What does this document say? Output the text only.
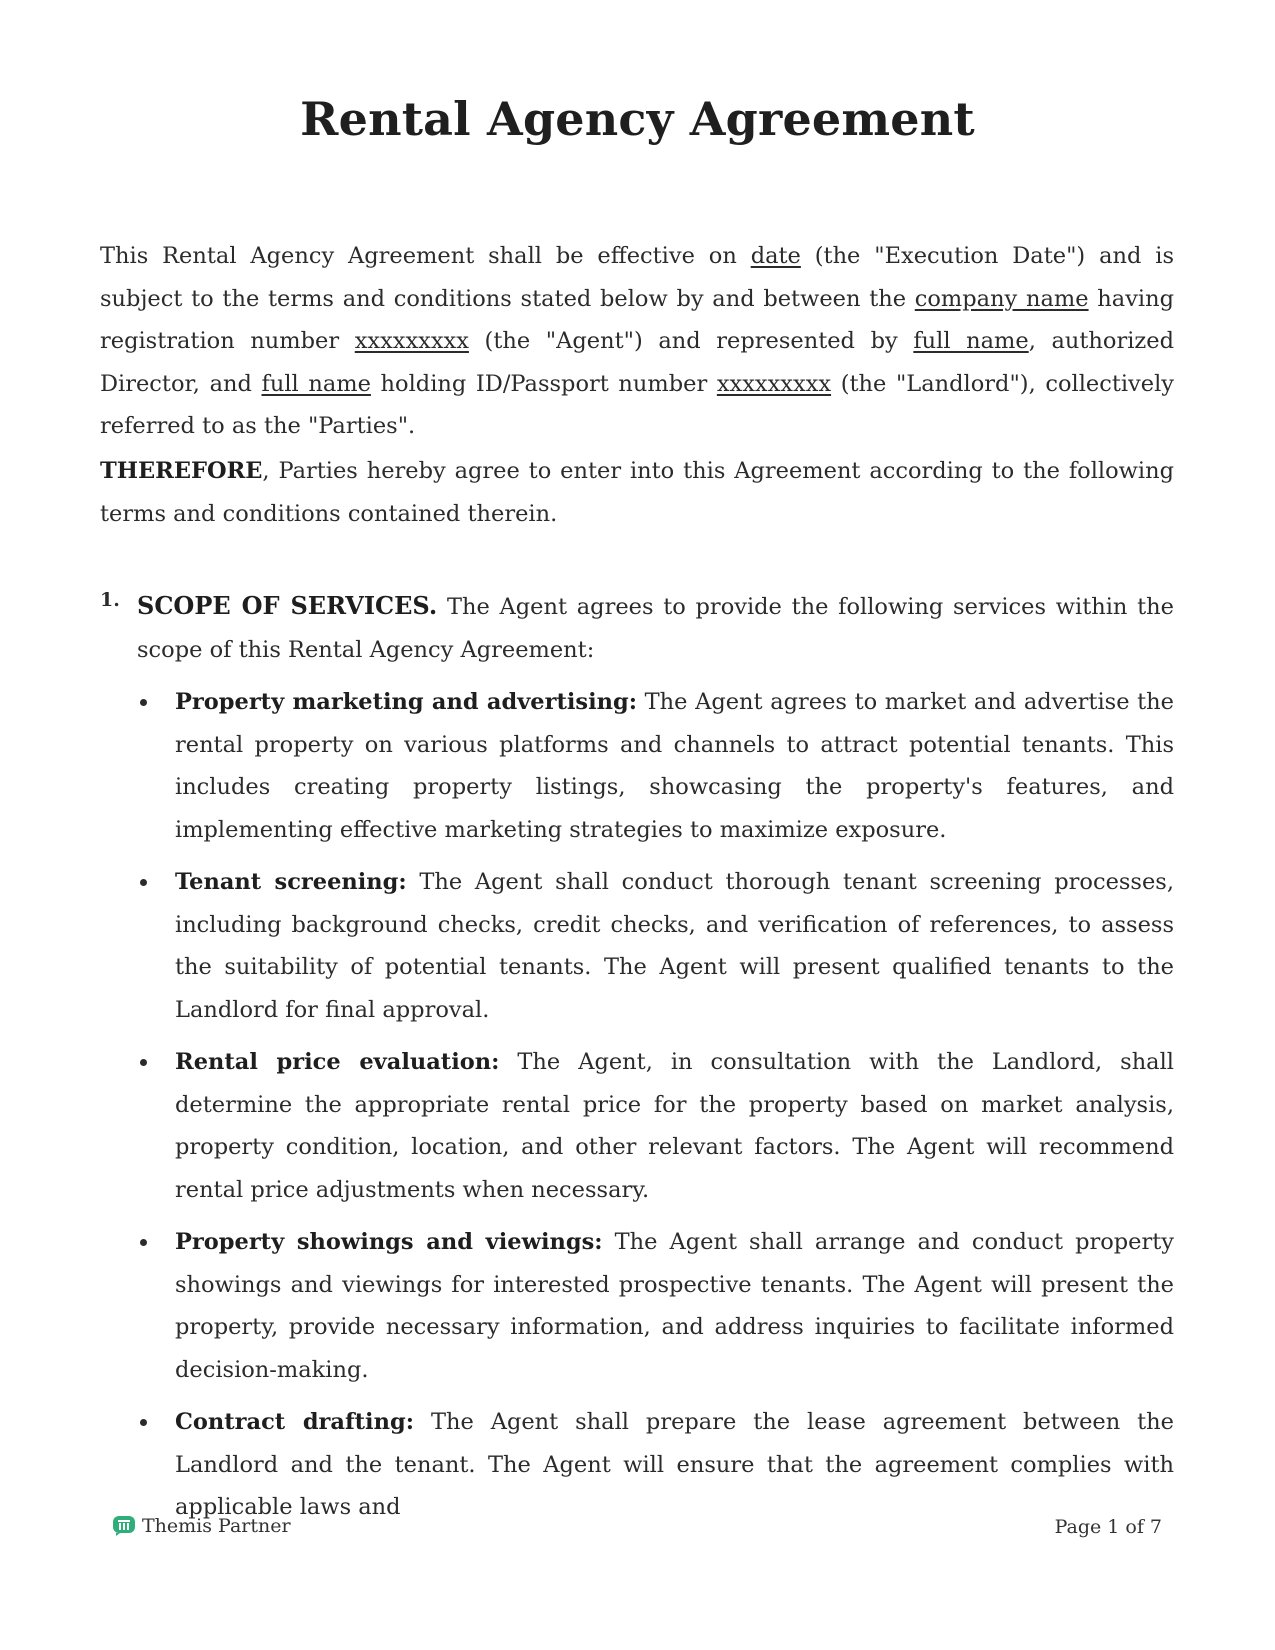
Rental Agency Agreement

This Rental Agency Agreement shall be effective on date (the "Execution Date") and is subject to the terms and conditions stated below by and between the company name having registration number xxxxxxxxx (the "Agent") and represented by full name, authorized Director, and full name holding ID/Passport number xxxxxxxxx (the "Landlord"), collectively referred to as the "Parties".

THEREFORE, Parties hereby agree to enter into this Agreement according to the following terms and conditions contained therein.

1. SCOPE OF SERVICES. The Agent agrees to provide the following services within the scope of this Rental Agency Agreement:

Property marketing and advertising: The Agent agrees to market and advertise the rental property on various platforms and channels to attract potential tenants. This includes creating property listings, showcasing the property's features, and implementing effective marketing strategies to maximize exposure.

Tenant screening: The Agent shall conduct thorough tenant screening processes, including background checks, credit checks, and verification of references, to assess the suitability of potential tenants. The Agent will present qualified tenants to the Landlord for final approval.

Rental price evaluation: The Agent, in consultation with the Landlord, shall determine the appropriate rental price for the property based on market analysis, property condition, location, and other relevant factors. The Agent will recommend rental price adjustments when necessary.

Property showings and viewings: The Agent shall arrange and conduct property showings and viewings for interested prospective tenants. The Agent will present the property, provide necessary information, and address inquiries to facilitate informed decision-making.

Contract drafting: The Agent shall prepare the lease agreement between the Landlord and the tenant. The Agent will ensure that the agreement complies with applicable laws and

Themis Partner	Page 1 of 7
